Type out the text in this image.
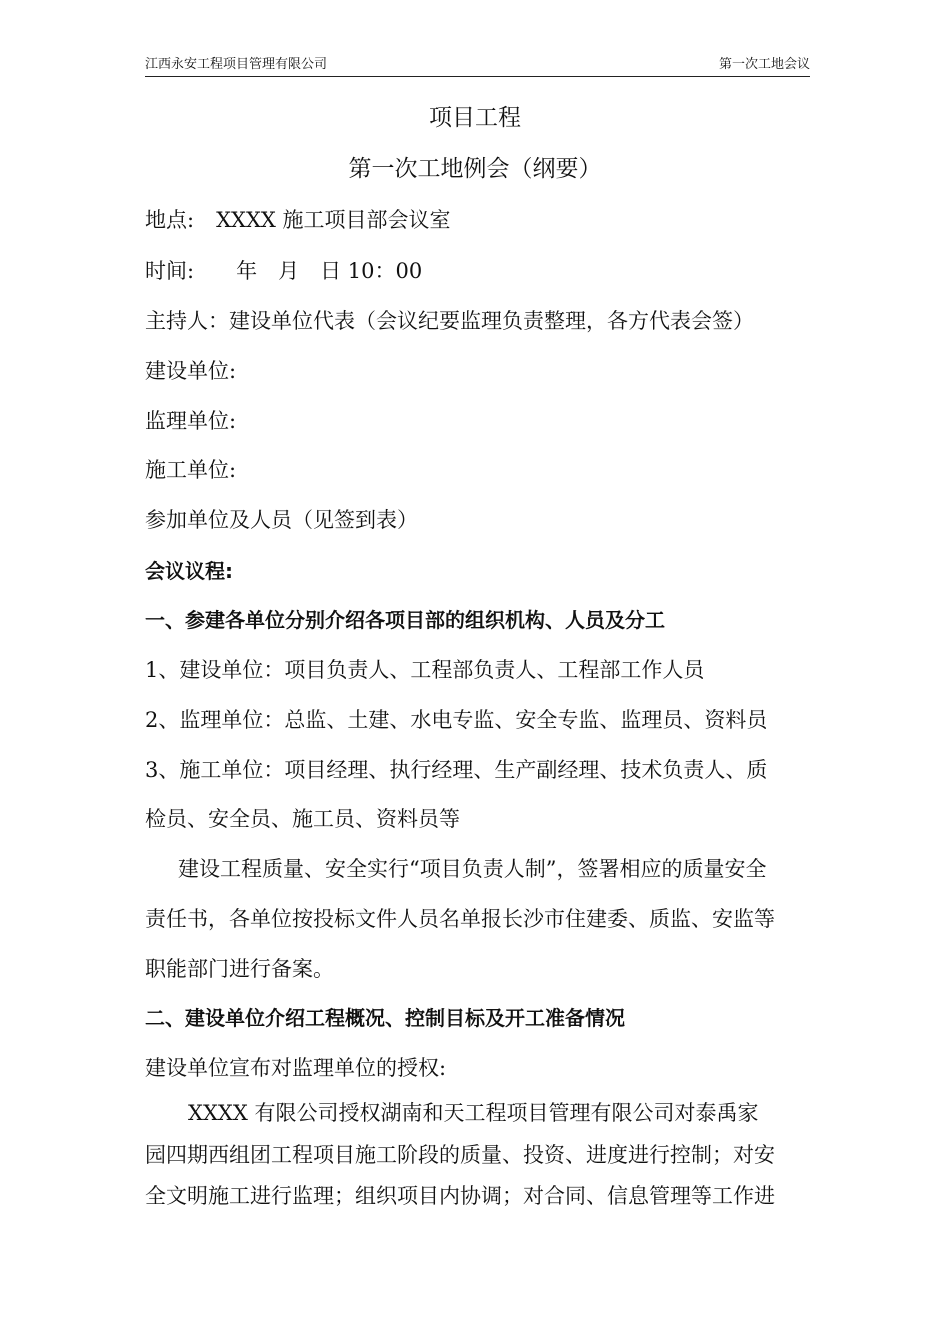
江西永安工程项目管理有限公司	第一次工地会议
项目工程
第一次工地例会（纲要）
地点: XXXX 施工项目部会议室
时间: 年　月　日 10：00
主持人：建设单位代表（会议纪要监理负责整理，各方代表会签）
建设单位:
监理单位:
施工单位:
参加单位及人员（见签到表）
会议议程:
一、参建各单位分别介绍各项目部的组织机构、人员及分工
1、建设单位：项目负责人、工程部负责人、工程部工作人员
2、监理单位：总监、土建、水电专监、安全专监、监理员、资料员
3、施工单位：项目经理、执行经理、生产副经理、技术负责人、质
检员、安全员、施工员、资料员等
建设工程质量、安全实行“项目负责人制”，签署相应的质量安全
责任书，各单位按投标文件人员名单报长沙市住建委、质监、安监等
职能部门进行备案。
二、建设单位介绍工程概况、控制目标及开工准备情况
建设单位宣布对监理单位的授权:
XXXX 有限公司授权湖南和天工程项目管理有限公司对泰禹家
园四期西组团工程项目施工阶段的质量、投资、进度进行控制；对安
全文明施工进行监理；组织项目内协调；对合同、信息管理等工作进
